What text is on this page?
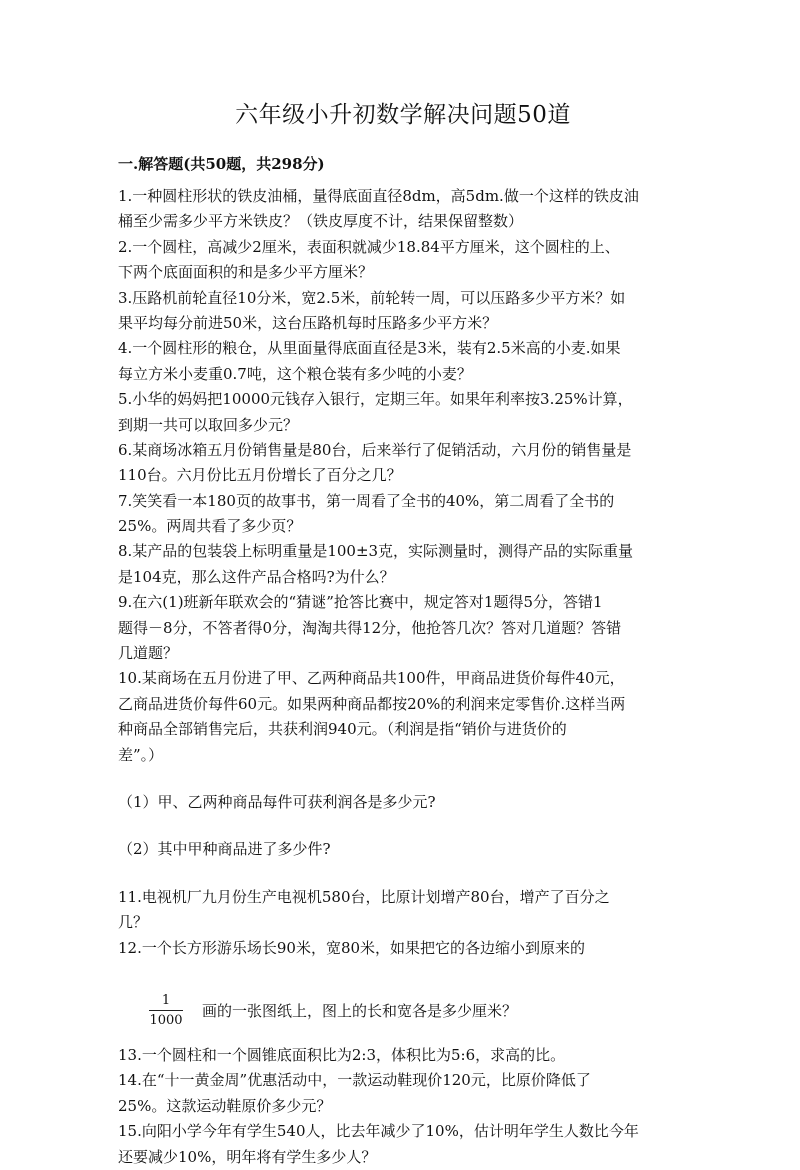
六年级小升初数学解决问题50道
一.解答题(共50题，共298分)
1.一种圆柱形状的铁皮油桶，量得底面直径8dm，高5dm.做一个这样的铁皮油
桶至少需多少平方米铁皮？（铁皮厚度不计，结果保留整数）
2.一个圆柱，高减少2厘米，表面积就减少18.84平方厘米，这个圆柱的上、
下两个底面面积的和是多少平方厘米？
3.压路机前轮直径10分米，宽2.5米，前轮转一周，可以压路多少平方米？如
果平均每分前进50米，这台压路机每时压路多少平方米？
4.一个圆柱形的粮仓，从里面量得底面直径是3米，装有2.5米高的小麦.如果
每立方米小麦重0.7吨，这个粮仓装有多少吨的小麦？
5.小华的妈妈把10000元钱存入银行，定期三年。如果年利率按3.25%计算，
到期一共可以取回多少元？
6.某商场冰箱五月份销售量是80台，后来举行了促销活动，六月份的销售量是
110台。六月份比五月份增长了百分之几？
7.笑笑看一本180页的故事书，第一周看了全书的40%，第二周看了全书的
25%。两周共看了多少页？
8.某产品的包装袋上标明重量是100±3克，实际测量时，测得产品的实际重量
是104克，那么这件产品合格吗?为什么？
9.在六(1)班新年联欢会的“猜谜”抢答比赛中，规定答对1题得5分，答错1
题得－8分，不答者得0分，淘淘共得12分，他抢答几次？答对几道题？答错
几道题？
10.某商场在五月份进了甲、乙两种商品共100件，甲商品进货价每件40元，
乙商品进货价每件60元。如果两种商品都按20%的利润来定零售价.这样当两
种商品全部销售完后，共获利润940元。（利润是指“销价与进货价的
差”。）
（1）甲、乙两种商品每件可获利润各是多少元?
（2）其中甲种商品进了多少件?
11.电视机厂九月份生产电视机580台，比原计划增产80台，增产了百分之
几？
12.一个长方形游乐场长90米，宽80米，如果把它的各边缩小到原来的
$\frac{1}{1000}$ 画的一张图纸上，图上的长和宽各是多少厘米？
13.一个圆柱和一个圆锥底面积比为2:3，体积比为5:6，求高的比。
14.在“十一黄金周”优惠活动中，一款运动鞋现价120元，比原价降低了
25%。这款运动鞋原价多少元？
15.向阳小学今年有学生540人，比去年减少了10%，估计明年学生人数比今年
还要减少10%，明年将有学生多少人？
